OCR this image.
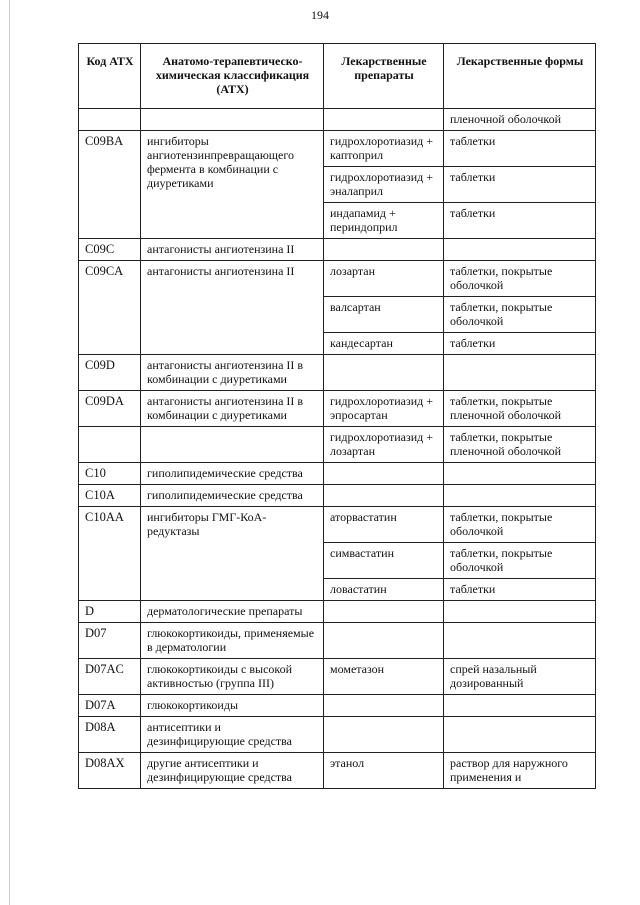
194
Код АТХ	Анатомо-терапевтическо-химическая классификация (АТХ)	Лекарственные препараты	Лекарственные формы
			пленочной оболочкой
C09BA	ингибиторы ангиотензинпревращающего фермента в комбинации с диуретиками	гидрохлоротиазид + каптоприл	таблетки
		гидрохлоротиазид + эналаприл	таблетки
		индапамид + периндоприл	таблетки
C09C	антагонисты ангиотензина II		
C09CA	антагонисты ангиотензина II	лозартан	таблетки, покрытые оболочкой
		валсартан	таблетки, покрытые оболочкой
		кандесартан	таблетки
C09D	антагонисты ангиотензина II в комбинации с диуретиками		
C09DA	антагонисты ангиотензина II в комбинации с диуретиками	гидрохлоротиазид + эпросартан	таблетки, покрытые пленочной оболочкой
		гидрохлоротиазид + лозартан	таблетки, покрытые пленочной оболочкой
C10	гиполипидемические средства		
C10A	гиполипидемические средства		
C10AA	ингибиторы ГМГ-КоА-редуктазы	аторвастатин	таблетки, покрытые оболочкой
		симвастатин	таблетки, покрытые оболочкой
		ловастатин	таблетки
D	дерматологические препараты		
D07	глюкокортикоиды, применяемые в дерматологии		
D07AC	глюкокортикоиды с высокой активностью (группа III)	мометазон	спрей назальный дозированный
D07A	глюкокортикоиды		
D08A	антисептики и дезинфицирующие средства		
D08AX	другие антисептики и дезинфицирующие средства	этанол	раствор для наружного применения и
